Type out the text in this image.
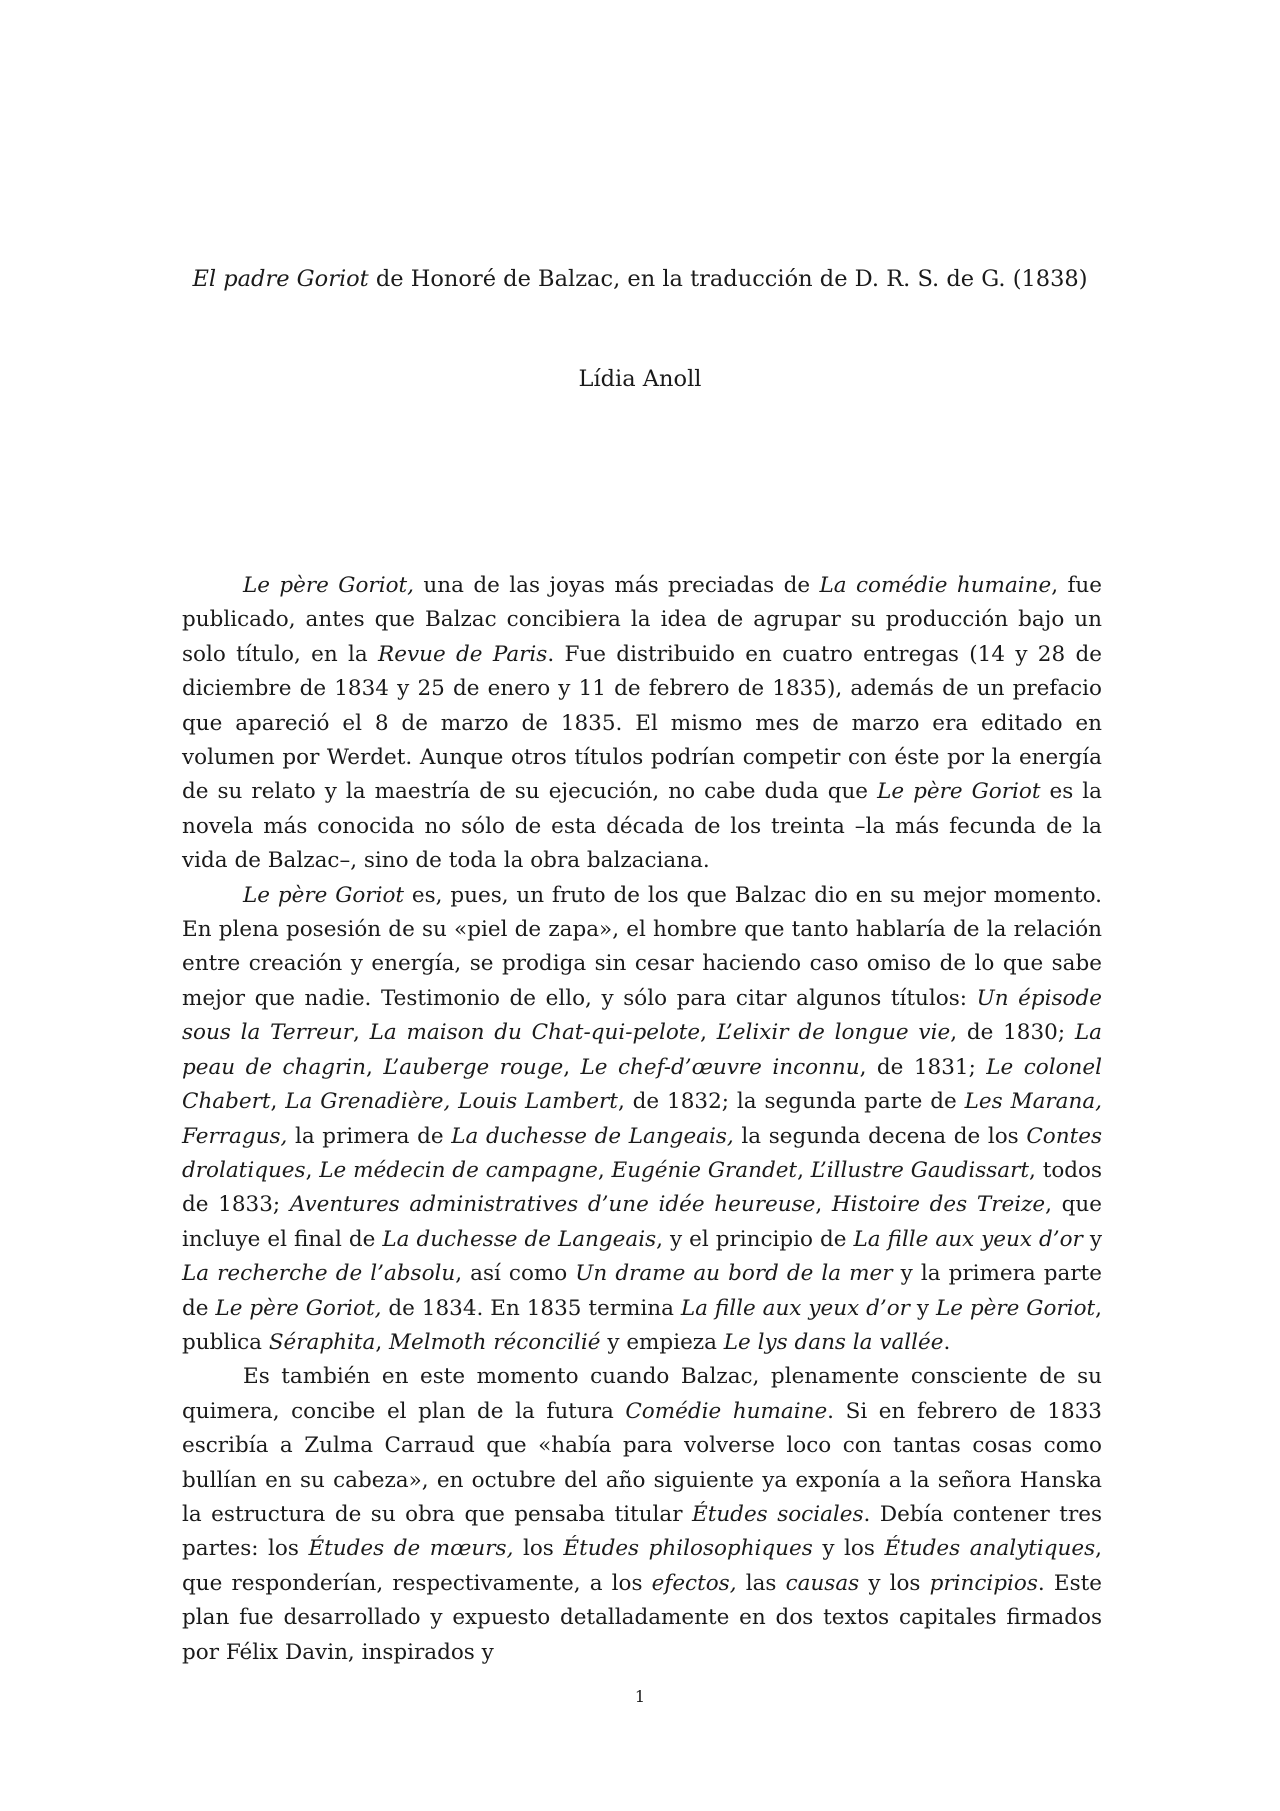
El padre Goriot de Honoré de Balzac, en la traducción de D. R. S. de G. (1838)
Lídia Anoll

Le père Goriot, una de las joyas más preciadas de La comédie humaine, fue publicado, antes que Balzac concibiera la idea de agrupar su producción bajo un solo título, en la Revue de Paris. Fue distribuido en cuatro entregas (14 y 28 de diciembre de 1834 y 25 de enero y 11 de febrero de 1835), además de un prefacio que apareció el 8 de marzo de 1835. El mismo mes de marzo era editado en volumen por Werdet. Aunque otros títulos podrían competir con éste por la energía de su relato y la maestría de su ejecución, no cabe duda que Le père Goriot es la novela más conocida no sólo de esta década de los treinta –la más fecunda de la vida de Balzac–, sino de toda la obra balzaciana.

Le père Goriot es, pues, un fruto de los que Balzac dio en su mejor momento. En plena posesión de su «piel de zapa», el hombre que tanto hablaría de la relación entre creación y energía, se prodiga sin cesar haciendo caso omiso de lo que sabe mejor que nadie. Testimonio de ello, y sólo para citar algunos títulos: Un épisode sous la Terreur, La maison du Chat-qui-pelote, L’elixir de longue vie, de 1830; La peau de chagrin, L’auberge rouge, Le chef-d’œuvre inconnu, de 1831; Le colonel Chabert, La Grenadière, Louis Lambert, de 1832; la segunda parte de Les Marana, Ferragus, la primera de La duchesse de Langeais, la segunda decena de los Contes drolatiques, Le médecin de campagne, Eugénie Grandet, L’illustre Gaudissart, todos de 1833; Aventures administratives d’une idée heureuse, Histoire des Treize, que incluye el final de La duchesse de Langeais, y el principio de La fille aux yeux d’or y La recherche de l’absolu, así como Un drame au bord de la mer y la primera parte de Le père Goriot, de 1834. En 1835 termina La fille aux yeux d’or y Le père Goriot, publica Séraphita, Melmoth réconcilié y empieza Le lys dans la vallée.

Es también en este momento cuando Balzac, plenamente consciente de su quimera, concibe el plan de la futura Comédie humaine. Si en febrero de 1833 escribía a Zulma Carraud que «había para volverse loco con tantas cosas como bullían en su cabeza», en octubre del año siguiente ya exponía a la señora Hanska la estructura de su obra que pensaba titular Études sociales. Debía contener tres partes: los Études de mœurs, los Études philosophiques y los Études analytiques, que responderían, respectivamente, a los efectos, las causas y los principios. Este plan fue desarrollado y expuesto detalladamente en dos textos capitales firmados por Félix Davin, inspirados y

1
